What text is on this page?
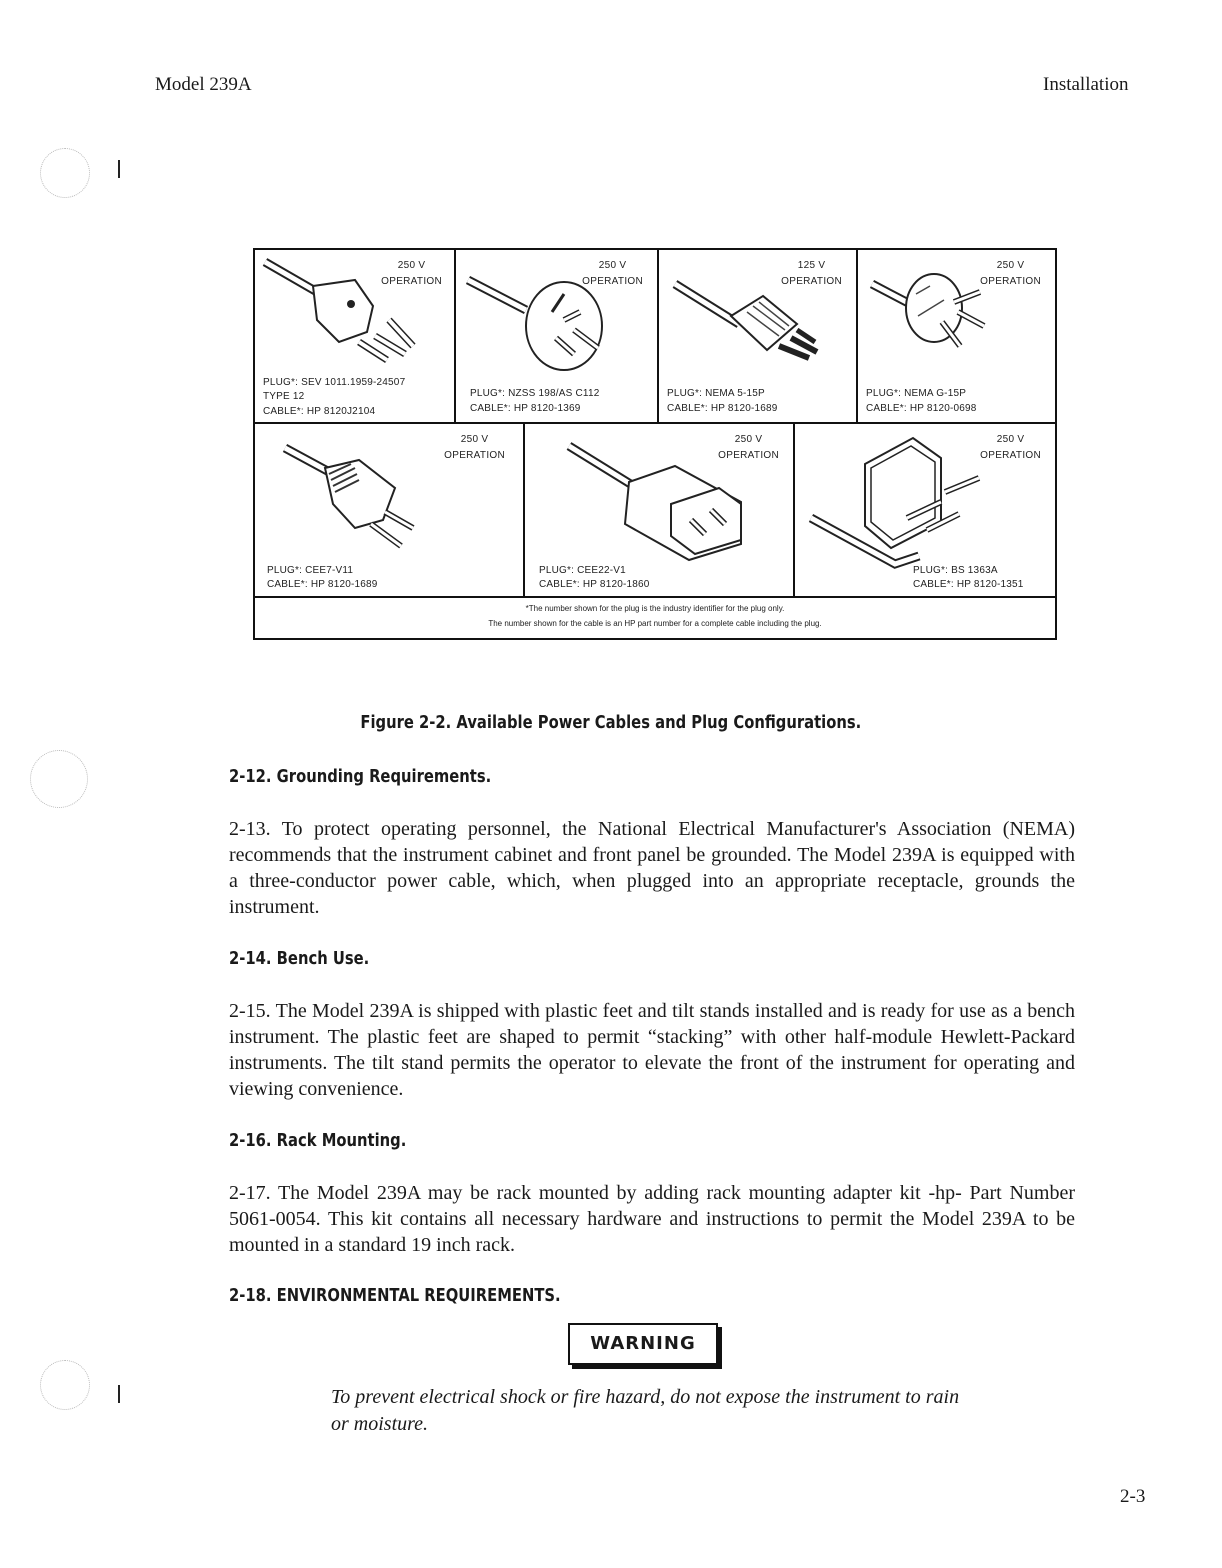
Model 239A	Installation
250 V
OPERATION
PLUG*: SEV 1011.1959-24507
TYPE 12
CABLE*: HP 8120J2104
250 V
OPERATION
PLUG*: NZSS 198/AS C112
CABLE*: HP 8120-1369
125 V
OPERATION
PLUG*: NEMA 5-15P
CABLE*: HP 8120-1689
250 V
OPERATION
PLUG*: NEMA G-15P
CABLE*: HP 8120-0698
250 V
OPERATION
PLUG*: CEE7-V11
CABLE*: HP 8120-1689
250 V
OPERATION
PLUG*: CEE22-V1
CABLE*: HP 8120-1860
250 V
OPERATION
PLUG*: BS 1363A
CABLE*: HP 8120-1351
*The number shown for the plug is the industry identifier for the plug only.
The number shown for the cable is an HP part number for a complete cable including the plug.
Figure 2-2. Available Power Cables and Plug Configurations.
2-12. Grounding Requirements.
2-13. To protect operating personnel, the National Electrical Manufacturer's Association (NEMA) recommends that the instrument cabinet and front panel be grounded. The Model 239A is equipped with a three-conductor power cable, which, when plugged into an appropriate receptacle, grounds the instrument.
2-14. Bench Use.
2-15. The Model 239A is shipped with plastic feet and tilt stands installed and is ready for use as a bench instrument. The plastic feet are shaped to permit “stacking” with other half-module Hewlett-Packard instruments. The tilt stand permits the operator to elevate the front of the instrument for operating and viewing convenience.
2-16. Rack Mounting.
2-17. The Model 239A may be rack mounted by adding rack mounting adapter kit -hp- Part Number 5061-0054. This kit contains all necessary hardware and instructions to permit the Model 239A to be mounted in a standard 19 inch rack.
2-18. ENVIRONMENTAL REQUIREMENTS.
WARNING
To prevent electrical shock or fire hazard, do not expose the instrument to rain or moisture.
2-3
